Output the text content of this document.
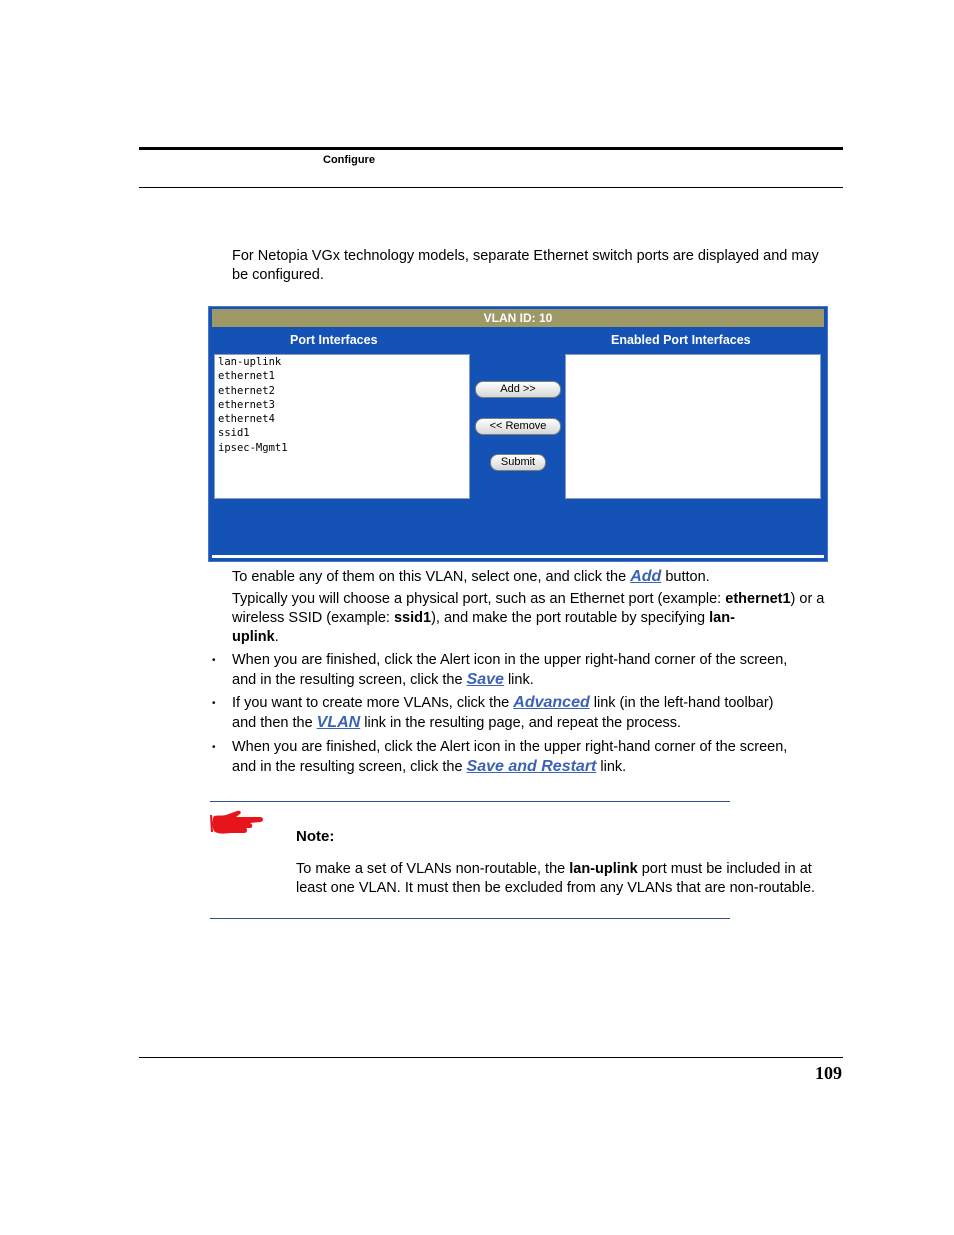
Configure
For Netopia VGx technology models, separate Ethernet switch ports are displayed and may be configured.
VLAN ID: 10
Port Interfaces	Enabled Port Interfaces
lan-uplink
ethernet1
ethernet2
ethernet3
ethernet4
ssid1
ipsec-Mgmt1
Add >>
<< Remove
Submit
To enable any of them on this VLAN, select one, and click the Add button.
Typically you will choose a physical port, such as an Ethernet port (example: ethernet1) or a wireless SSID (example: ssid1), and make the port routable by specifying lan-
uplink.
• When you are finished, click the Alert icon in the upper right-hand corner of the screen,
and in the resulting screen, click the Save link.
• If you want to create more VLANs, click the Advanced link (in the left-hand toolbar)
and then the VLAN link in the resulting page, and repeat the process.
• When you are finished, click the Alert icon in the upper right-hand corner of the screen,
and in the resulting screen, click the Save and Restart link.
Note:
To make a set of VLANs non-routable, the lan-uplink port must be included in at least one VLAN. It must then be excluded from any VLANs that are non-routable.
109
